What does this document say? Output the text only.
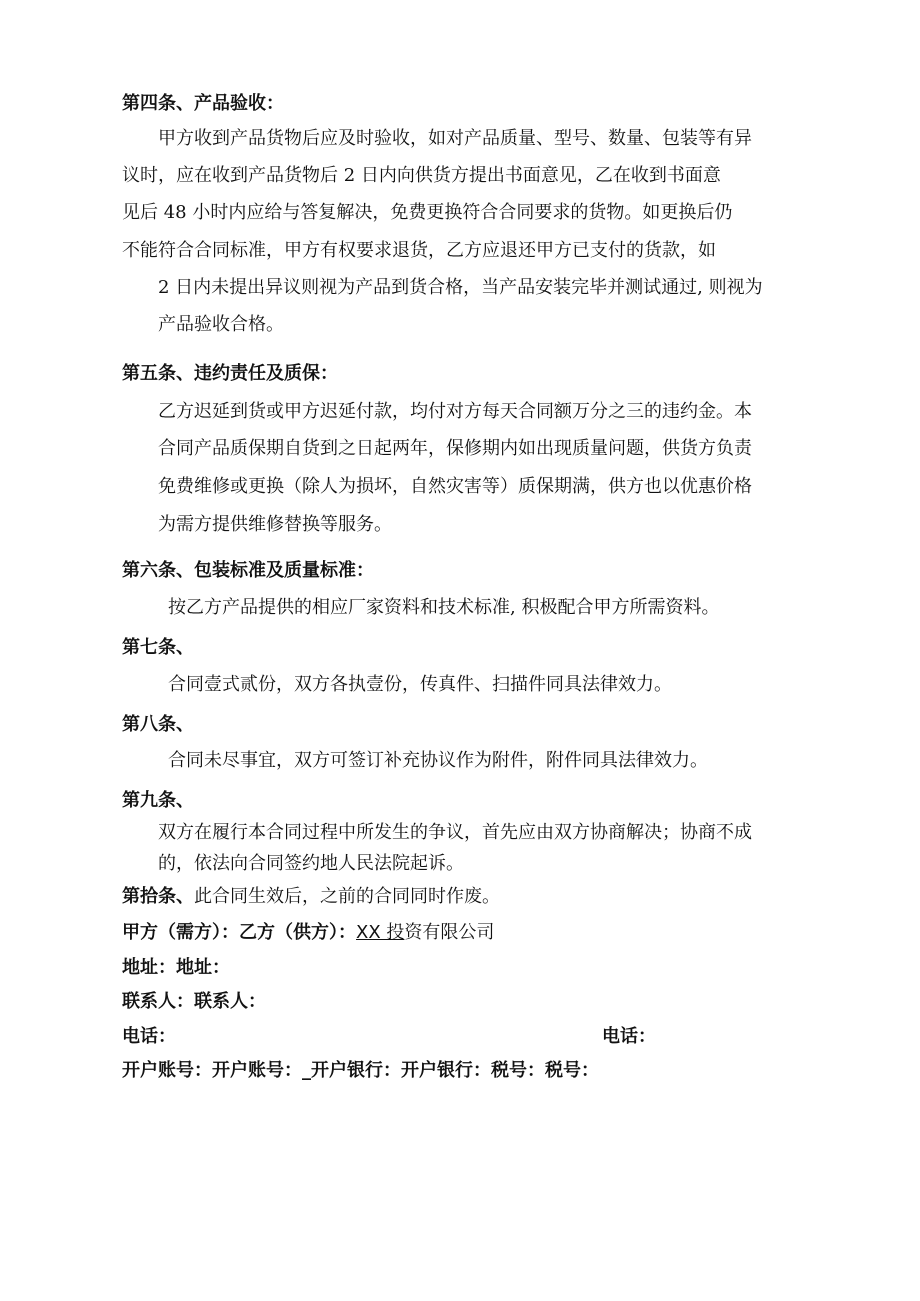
第四条、产品验收：
甲方收到产品货物后应及时验收，如对产品质量、型号、数量、包装等有异
议时，应在收到产品货物后 2 日内向供货方提出书面意见，乙在收到书面意
见后 48 小时内应给与答复解决，免费更换符合合同要求的货物。如更换后仍
不能符合合同标准，甲方有权要求退货，乙方应退还甲方已支付的货款，如
2 日内未提出异议则视为产品到货合格，当产品安装完毕并测试通过, 则视为
产品验收合格。
第五条、违约责任及质保：
乙方迟延到货或甲方迟延付款，均付对方每天合同额万分之三的违约金。本
合同产品质保期自货到之日起两年，保修期内如出现质量问题，供货方负责
免费维修或更换（除人为损坏，自然灾害等）质保期满，供方也以优惠价格
为需方提供维修替换等服务。
第六条、包装标准及质量标准：
按乙方产品提供的相应厂家资料和技术标准, 积极配合甲方所需资料。
第七条、
合同壹式贰份，双方各执壹份，传真件、扫描件同具法律效力。
第八条、
合同未尽事宜，双方可签订补充协议作为附件，附件同具法律效力。
第九条、
双方在履行本合同过程中所发生的争议，首先应由双方协商解决；协商不成
的，依法向合同签约地人民法院起诉。
第拾条、此合同生效后，之前的合同同时作废。
甲方（需方）：乙方（供方）：XX 投资有限公司
地址：地址：
联系人：联系人：
电话：	电话：
开户账号：开户账号：_开户银行：开户银行：税号：税号：
